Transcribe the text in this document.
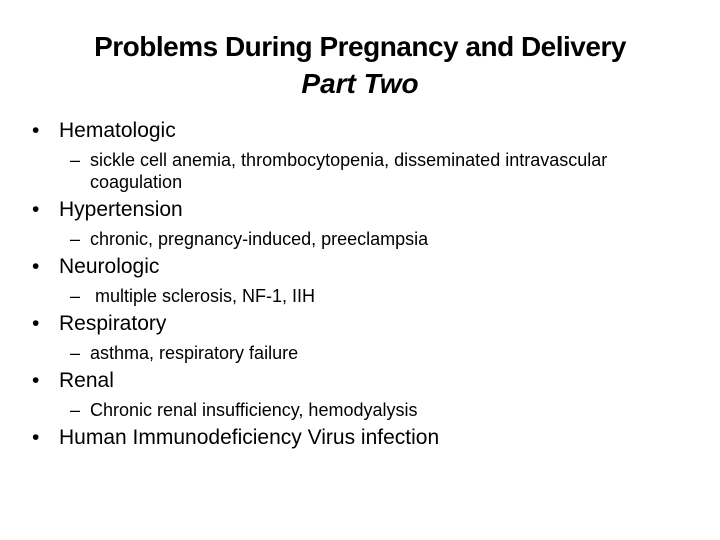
Problems During Pregnancy and Delivery
Part Two
• Hematologic
– sickle cell anemia, thrombocytopenia, disseminated intravascular coagulation
• Hypertension
– chronic, pregnancy-induced, preeclampsia
• Neurologic
– multiple sclerosis, NF-1, IIH
• Respiratory
– asthma, respiratory failure
• Renal
– Chronic renal insufficiency, hemodyalysis
• Human Immunodeficiency Virus infection
